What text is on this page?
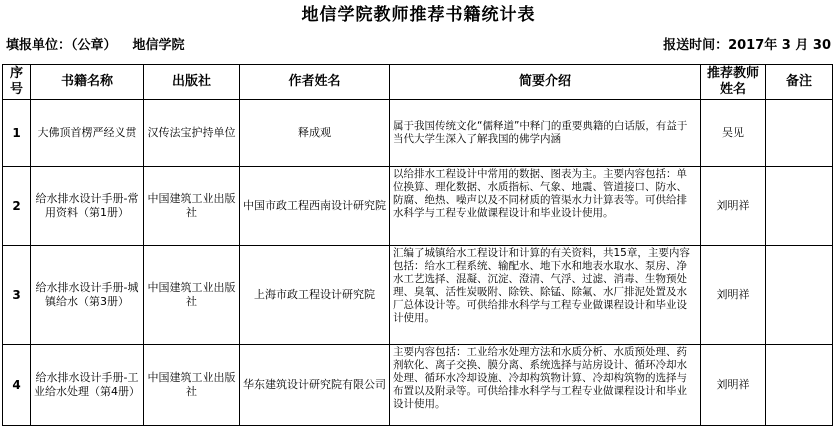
地信学院教师推荐书籍统计表
填报单位：（公章） 地信学院	报送时间：2017年 3 月 30
序号	书籍名称	出版社	作者姓名	简要介绍	推荐教师姓名	备注
1	大佛顶首楞严经义贯	汉传法宝护持单位	释成观	属于我国传统文化“儒释道”中释门的重要典籍的白话版，有益于当代大学生深入了解我国的佛学内涵	吴见	
2	给水排水设计手册-常用资料（第1册）	中国建筑工业出版社	中国市政工程西南设计研究院	以给排水工程设计中常用的数据、图表为主。主要内容包括：单位换算、理化数据、水质指标、气象、地震、管道接口、防水、防腐、绝热、噪声以及不同材质的管渠水力计算表等。可供给排水科学与工程专业做课程设计和毕业设计使用。	刘明祥	
3	给水排水设计手册-城镇给水（第3册）	中国建筑工业出版社	上海市政工程设计研究院	汇编了城镇给水工程设计和计算的有关资料，共15章，主要内容包括：给水工程系统、输配水、地下水和地表水取水、泵房、净水工艺选择、混凝、沉淀、澄清、气浮、过滤、消毒、生物预处理、臭氧、活性炭吸附、除铁、除锰、除氟、水厂排泥处置及水厂总体设计等。可供给排水科学与工程专业做课程设计和毕业设计使用。	刘明祥	
4	给水排水设计手册-工业给水处理（第4册）	中国建筑工业出版社	华东建筑设计研究院有限公司	主要内容包括：工业给水处理方法和水质分析、水质预处理、药剂软化、离子交换、膜分离、系统选择与站房设计、循环冷却水处理、循环水冷却设施、冷却构筑物计算、冷却构筑物的选择与布置以及附录等。可供给排水科学与工程专业做课程设计和毕业设计使用。	刘明祥	
